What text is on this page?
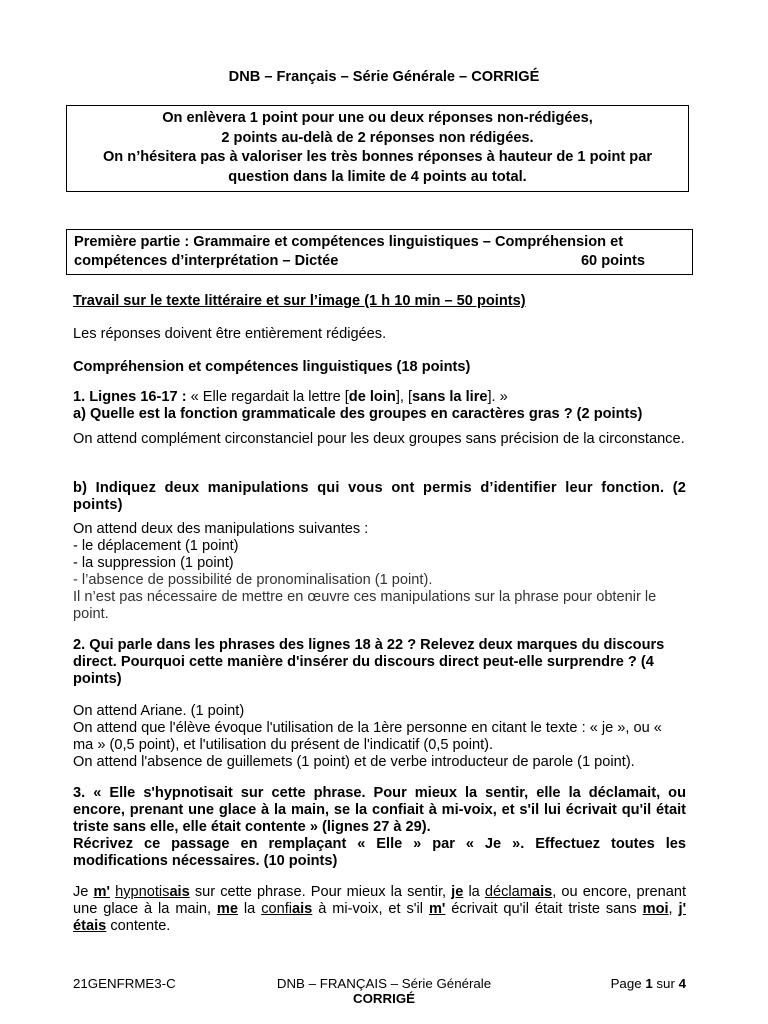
DNB – Français – Série Générale – CORRIGÉ
On enlèvera 1 point pour une ou deux réponses non-rédigées,
2 points au-delà de 2 réponses non rédigées.
On n’hésitera pas à valoriser les très bonnes réponses à hauteur de 1 point par
question dans la limite de 4 points au total.
Première partie : Grammaire et compétences linguistiques – Compréhension et
compétences d’interprétation – Dictée	60 points
Travail sur le texte littéraire et sur l’image (1 h 10 min – 50 points)
Les réponses doivent être entièrement rédigées.
Compréhension et compétences linguistiques (18 points)
1. Lignes 16-17 : « Elle regardait la lettre [de loin], [sans la lire]. »
a) Quelle est la fonction grammaticale des groupes en caractères gras ? (2 points)
On attend complément circonstanciel pour les deux groupes sans précision de la circonstance.
b) Indiquez deux manipulations qui vous ont permis d’identifier leur fonction. (2 points)
On attend deux des manipulations suivantes :
- le déplacement (1 point)
- la suppression (1 point)
- l’absence de possibilité de pronominalisation (1 point).
Il n’est pas nécessaire de mettre en œuvre ces manipulations sur la phrase pour obtenir le point.
2. Qui parle dans les phrases des lignes 18 à 22 ? Relevez deux marques du discours direct. Pourquoi cette manière d'insérer du discours direct peut-elle surprendre ? (4 points)
On attend Ariane. (1 point)
On attend que l'élève évoque l'utilisation de la 1ère personne en citant le texte : « je », ou « ma » (0,5 point), et l'utilisation du présent de l'indicatif (0,5 point).
On attend l'absence de guillemets (1 point) et de verbe introducteur de parole (1 point).
3. « Elle s'hypnotisait sur cette phrase. Pour mieux la sentir, elle la déclamait, ou encore, prenant une glace à la main, se la confiait à mi-voix, et s'il lui écrivait qu'il était triste sans elle, elle était contente » (lignes 27 à 29).
Récrivez ce passage en remplaçant « Elle » par « Je ». Effectuez toutes les modifications nécessaires. (10 points)
Je m' hypnotisais sur cette phrase. Pour mieux la sentir, je la déclamais, ou encore, prenant une glace à la main, me la confiais à mi-voix, et s'il m' écrivait qu'il était triste sans moi, j' étais contente.
21GENFRME3-C	DNB – FRANÇAIS – Série Générale
CORRIGÉ
Page 1 sur 4
